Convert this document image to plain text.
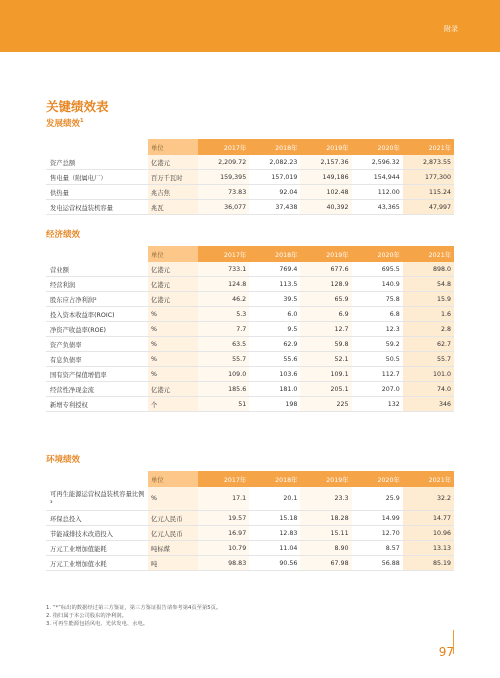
附录
关键绩效表
发展绩效$^1$
	单位	2017年	2018年	2019年	2020年	2021年
资产总额	亿港元	2,209.72	2,082.23	2,157.36	2,596.32	2,873.55
售电量（附属电厂）	百万千瓦时	159,395	157,019	149,186	154,944	177,300
供热量	兆吉焦	73.83	92.04	102.48	112.00	115.24
发电运营权益装机容量	兆瓦	36,077	37,438	40,392	43,365	47,997
经济绩效
	单位	2017年	2018年	2019年	2020年	2021年
营业额	亿港元	733.1	769.4	677.6	695.5	898.0
经营利润	亿港元	124.8	113.5	128.9	140.9	54.8
股东应占净利润²	亿港元	46.2	39.5	65.9	75.8	15.9
投入资本收益率(ROIC)	%	5.3	6.0	6.9	6.8	1.6
净资产收益率(ROE)	%	7.7	9.5	12.7	12.3	2.8
资产负债率	%	63.5	62.9	59.8	59.2	62.7
有息负债率	%	55.7	55.6	52.1	50.5	55.7
国有资产保值增值率	%	109.0	103.6	109.1	112.7	101.0
经营性净现金流	亿港元	185.6	181.0	205.1	207.0	74.0
新增专利授权	个	51	198	225	132	346
环境绩效
	单位	2017年	2018年	2019年	2020年	2021年
可再生能源运营权益装机容量比例³	%	17.1	20.1	23.3	25.9	32.2
环保总投入	亿元人民币	19.57	15.18	18.28	14.99	14.77
节能减排技术改造投入	亿元人民币	16.97	12.83	15.11	12.70	10.96
万元工业增加值能耗	吨标煤	10.79	11.04	8.90	8.57	13.13
万元工业增加值水耗	吨	98.83	90.56	67.98	56.88	85.19
1. “*”标出的数据经过第三方鉴证，第三方鉴证报告请参考第4页至第5页。
2. 指归属于本公司股东的净利润。
3. 可再生能源包括风电、光伏发电、水电。
97
